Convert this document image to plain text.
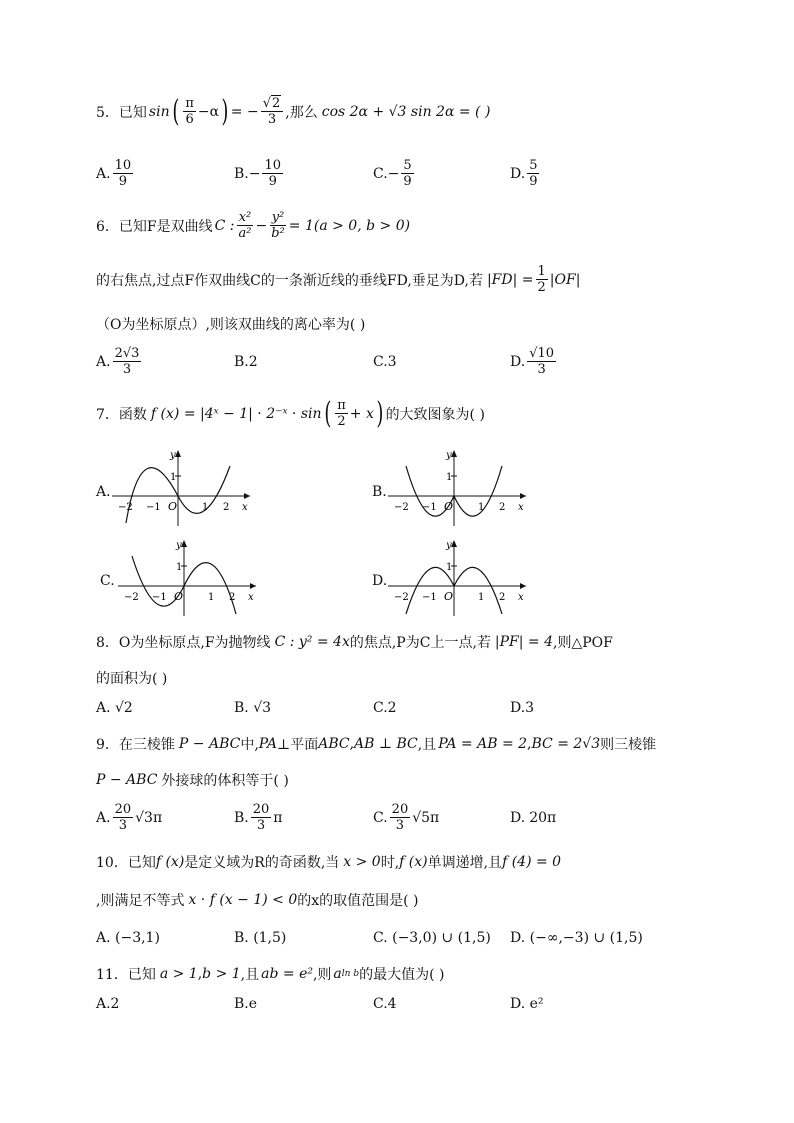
5．已知 sin ( $\frac{\pi}{6} -\alpha$ ) = − $\frac{√2}{3}$ ,那么 cos 2α + √3 sin 2α = ( )
A. $\frac{10}{9}$	B. − $\frac{10}{9}$	C. − $\frac{5}{9}$	D. $\frac{5}{9}$
6．已知F是双曲线 C : $\frac{\text{x²}}{\text{a²}} - \frac{\text{y²}}{\text{b²}} = 1(a > 0$, b > 0)
的右焦点,过点F作双曲线C的一条渐近线的垂线FD,垂足为D,若 $|FD| = \frac{1}{2} |OF|$
（O为坐标原点）,则该双曲线的离心率为( )
A. $\frac{2√3}{3}$	B.2	C.3	D. $\frac{√10}{3}$
7．函数 f (x) = |4ˣ − 1| · 2⁻ˣ · sin ( $\frac{\pi}{2} + x$ ) 的大致图象为( )
A.	B.
C.	D.
y
x
O
1
−1
−2	1 2
y
x
O
1
−1
−2	1 2
y
x
O
1
−1
−2	1 2
y
x
O
1
−1
−2	1 2
8．O为坐标原点,F为抛物线 C : y² = 4x 的焦点,P为C上一点,若 |PF| = 4 ,则△POF
的面积为( )
A. √2	B. √3	C.2	D.3
9．在三棱锥 P − ABC 中, PA ⊥平面 ABC , AB ⊥ BC ,且 PA = AB = 2 , BC = 2√3 则三棱锥
P − ABC 外接球的体积等于( )
A. $\frac{20}{3} √3\pi$	B. $\frac{20}{3}$ π	C. $\frac{20}{3} √5\pi$	D. 20π
10．已知 f (x) 是定义域为R的奇函数,当 x > 0 时, f (x) 单调递增,且 f (4) = 0
,则满足不等式 x · f (x − 1) < 0 的x的取值范围是( )
A. (−3,1)	B. (1,5)	C. (−3,0) ∪ (1,5) D. (−∞,−3) ∪ (1,5)
11．已知 a > 1 , b > 1 ,且 ab = e² ,则 a ln b 的最大值为( )
A.2	B.e	C.4	D. e²
